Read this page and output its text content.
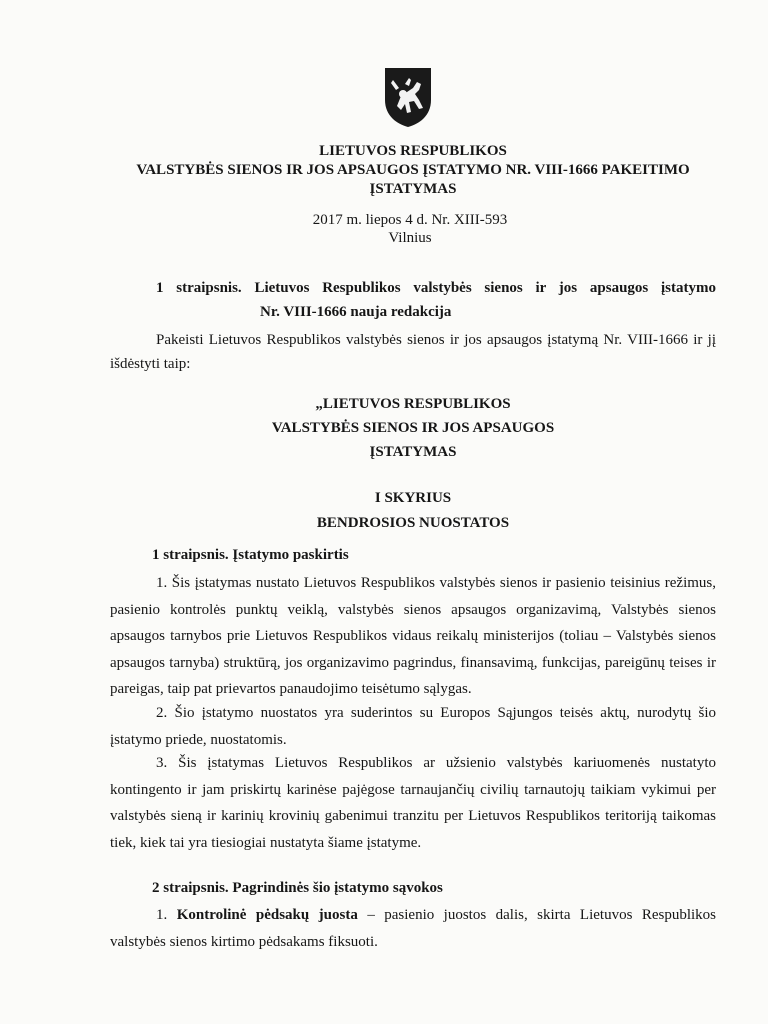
LIETUVOS RESPUBLIKOS
VALSTYBĖS SIENOS IR JOS APSAUGOS ĮSTATYMO NR. VIII-1666 PAKEITIMO
ĮSTATYMAS
2017 m. liepos 4 d. Nr. XIII-593
Vilnius
1 straipsnis. Lietuvos Respublikos valstybės sienos ir jos apsaugos įstatymo
Nr. VIII-1666 nauja redakcija
Pakeisti Lietuvos Respublikos valstybės sienos ir jos apsaugos įstatymą Nr. VIII-1666 ir jį išdėstyti taip:
„LIETUVOS RESPUBLIKOS
VALSTYBĖS SIENOS IR JOS APSAUGOS
ĮSTATYMAS
I SKYRIUS
BENDROSIOS NUOSTATOS
1 straipsnis. Įstatymo paskirtis
1. Šis įstatymas nustato Lietuvos Respublikos valstybės sienos ir pasienio teisinius režimus, pasienio kontrolės punktų veiklą, valstybės sienos apsaugos organizavimą, Valstybės sienos apsaugos tarnybos prie Lietuvos Respublikos vidaus reikalų ministerijos (toliau – Valstybės sienos apsaugos tarnyba) struktūrą, jos organizavimo pagrindus, finansavimą, funkcijas, pareigūnų teises ir pareigas, taip pat prievartos panaudojimo teisėtumo sąlygas.
2. Šio įstatymo nuostatos yra suderintos su Europos Sąjungos teisės aktų, nurodytų šio įstatymo priede, nuostatomis.
3. Šis įstatymas Lietuvos Respublikos ar užsienio valstybės kariuomenės nustatyto kontingento ir jam priskirtų karinėse pajėgose tarnaujančių civilių tarnautojų taikiam vykimui per valstybės sieną ir karinių krovinių gabenimui tranzitu per Lietuvos Respublikos teritoriją taikomas tiek, kiek tai yra tiesiogiai nustatyta šiame įstatyme.
2 straipsnis. Pagrindinės šio įstatymo sąvokos
1. Kontrolinė pėdsakų juosta – pasienio juostos dalis, skirta Lietuvos Respublikos valstybės sienos kirtimo pėdsakams fiksuoti.
